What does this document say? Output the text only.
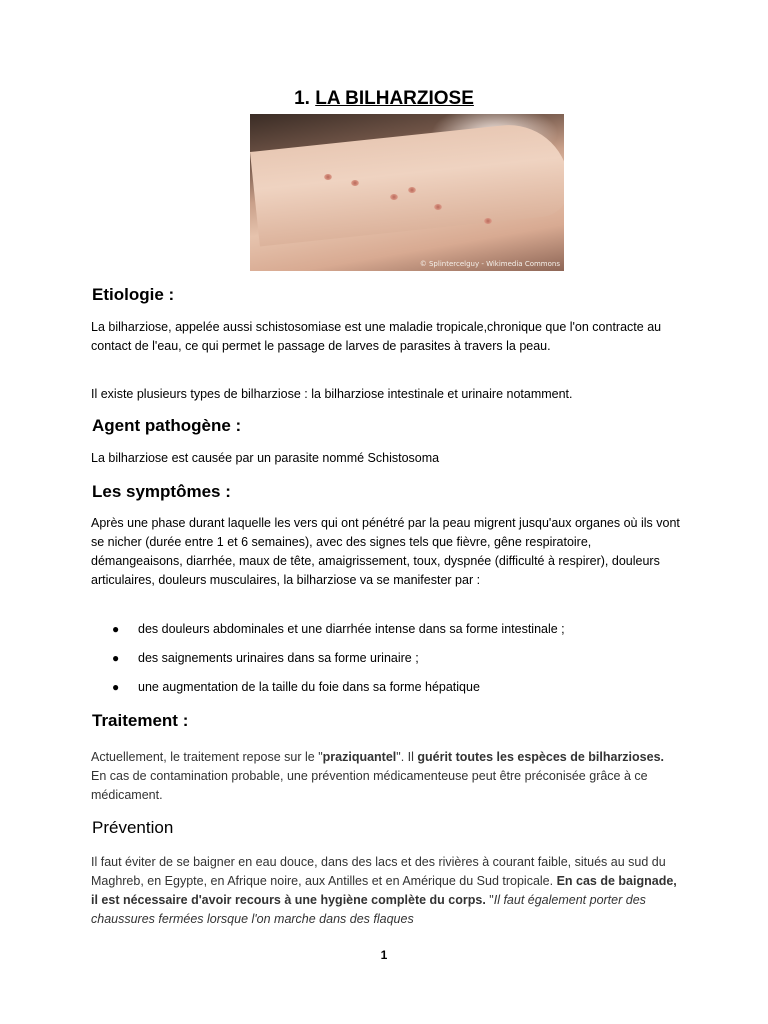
1. LA BILHARZIOSE
© Splintercelguy - Wikimedia Commons
Etiologie :

La bilharziose, appelée aussi schistosomiase est une maladie tropicale,chronique que l'on contracte au contact de l'eau, ce qui permet le passage de larves de parasites à travers la peau.

Il existe plusieurs types de bilharziose : la bilharziose intestinale et urinaire notamment.

Agent pathogène :

La bilharziose est causée par un parasite nommé Schistosoma

Les symptômes :

Après une phase durant laquelle les vers qui ont pénétré par la peau migrent jusqu'aux organes où ils vont se nicher (durée entre 1 et 6 semaines), avec des signes tels que fièvre, gêne respiratoire, démangeaisons, diarrhée, maux de tête, amaigrissement, toux, dyspnée (difficulté à respirer), douleurs articulaires, douleurs musculaires, la bilharziose va se manifester par :

● des douleurs abdominales et une diarrhée intense dans sa forme intestinale ;
● des saignements urinaires dans sa forme urinaire ;
● une augmentation de la taille du foie dans sa forme hépatique
Traitement :

Actuellement, le traitement repose sur le "praziquantel". Il guérit toutes les espèces de bilharzioses. En cas de contamination probable, une prévention médicamenteuse peut être préconisée grâce à ce médicament.

Prévention

Il faut éviter de se baigner en eau douce, dans des lacs et des rivières à courant faible, situés au sud du Maghreb, en Egypte, en Afrique noire, aux Antilles et en Amérique du Sud tropicale. En cas de baignade, il est nécessaire d'avoir recours à une hygiène complète du corps. "Il faut également porter des chaussures fermées lorsque l'on marche dans des flaques

1
